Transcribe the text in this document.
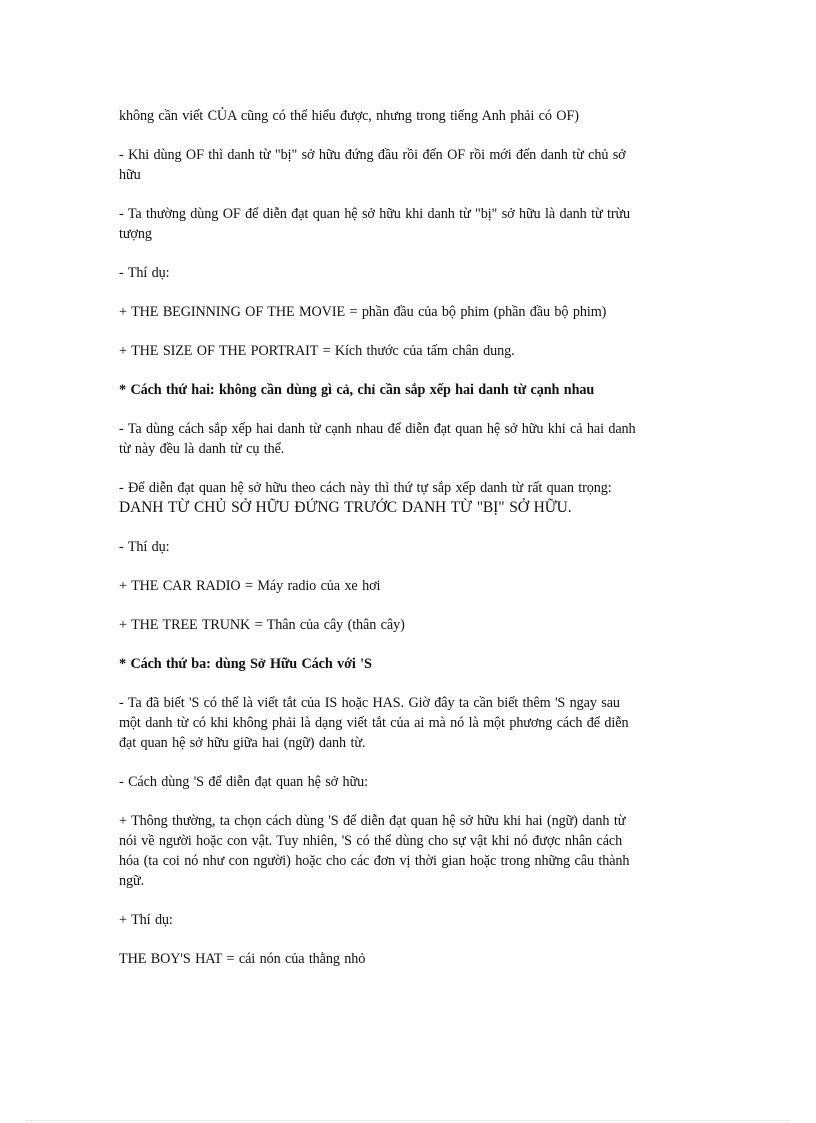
không cần viết CỦA cũng có thể hiểu được, nhưng trong tiếng Anh phải có OF)

- Khi dùng OF thì danh từ "bị" sở hữu đứng đầu rồi đến OF rồi mới đến danh từ chủ sở
hữu

- Ta thường dùng OF để diễn đạt quan hệ sở hữu khi danh từ "bị" sở hữu là danh từ trừu
tượng

- Thí dụ:

+ THE BEGINNING OF THE MOVIE = phần đầu của bộ phim (phần đầu bộ phim)

+ THE SIZE OF THE PORTRAIT = Kích thước của tấm chân dung.

* Cách thứ hai: không cần dùng gì cả, chỉ cần sắp xếp hai danh từ cạnh nhau

- Ta dùng cách sắp xếp hai danh từ cạnh nhau để diễn đạt quan hệ sở hữu khi cả hai danh
từ này đều là danh từ cụ thể.

- Để diễn đạt quan hệ sở hữu theo cách này thì thứ tự sắp xếp danh từ rất quan trọng:

DANH TỪ CHỦ SỞ HỮU ĐỨNG TRƯỚC DANH TỪ "BỊ" SỞ HỮU.

- Thí dụ:

+ THE CAR RADIO = Máy radio của xe hơi

+ THE TREE TRUNK = Thân của cây (thân cây)

* Cách thứ ba: dùng Sở Hữu Cách với 'S

- Ta đã biết 'S có thể là viết tắt của IS hoặc HAS. Giờ đây ta cần biết thêm 'S ngay sau
một danh từ có khi không phải là dạng viết tắt của ai mà nó là một phương cách để diễn
đạt quan hệ sở hữu giữa hai (ngữ) danh từ.

- Cách dùng 'S để diễn đạt quan hệ sở hữu:

+ Thông thường, ta chọn cách dùng 'S để diễn đạt quan hệ sở hữu khi hai (ngữ) danh từ
nói về người hoặc con vật. Tuy nhiên, 'S có thể dùng cho sự vật khi nó được nhân cách
hóa (ta coi nó như con người) hoặc cho các đơn vị thời gian hoặc trong những câu thành
ngữ.

+ Thí dụ:

THE BOY'S HAT = cái nón của thằng nhỏ
